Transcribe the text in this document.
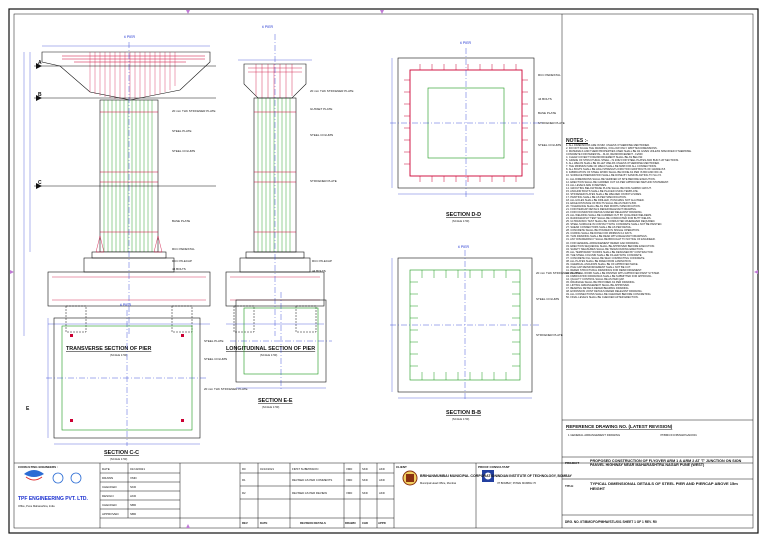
¢ PIER
20 mm THK STIFFENER PLATE
STEEL PLATE
STEEL COLUMN
BASE PLATE
RCC PEDESTAL
RCC PILECAP
44 BOLTS
TRANSVERSE SECTION OF PIER
(SCALE 1:50)
A
B
C
¢ PIER
20 mm THK STIFFENER PLATE
GUSSET PLATE
STEEL COLUMN
STIFFENER PLATE
RCC PILECAP
44 BOLTS
LONGITUDINAL SECTION OF PIER
(SCALE 1:50)
¢ PIER
RCC PEDESTAL
44 BOLTS
BASE PLATE
STIFFENER PLATE
STEEL COLUMN
SECTION D-D
(SCALE 1:50)
¢ PIER
STEEL PLATE
STEEL COLUMN
20 mm THK STIFFENER PLATE
E
SECTION C-C
(SCALE 1:50)
SECTION E-E
(SCALE 1:50)
¢ PIER
20 mm THK STIFFENER PLATE
STEEL COLUMN
STIFFENER PLATE
SECTION B-B
(SCALE 1:50)
CONSULTING ENGINEERS :
TPF ENGINEERING PVT. LTD.
Office, Pune Maharashtra, India
DATE	01/10/2021
DRAWN	VMD
CHECKED	SKD
DESIGN	AKD
CHECKED	SBD
APPROVED	SBD
R0	01/10/2021	FIRST SUBMISSION	VMD	SKD	AKD
R1	REVISED AS PER COMMENTS	VMD	SKD	AKD
R2	REVISED AS PER REVIEW	VMD	SKD	AKD
REV	DATE	REVISION DETAILS	DRAWN CHD	APPD
CLIENT
BRIHANMUMBAI MUNICIPAL CORPORATION
Municipal Head Office, Mumbai
PROOF CONSULTANT
INDIAN INSTITUTE OF TECHNOLOGY, BOMBAY
IIT BOMBAY, POWAI MUMBAI 76
REFERENCE DRAWING NO. (LATEST REVISION)
1 GENERAL ARRANGEMENT DRAWING	IIT/BMC/FO/PMHW/GAD/001
PROJECT
TITLE
DRG. NO. IIT/BMC/FO/PMHW/STL/001 SHEET 1 OF 1 REV. R0
PROPOSED CONSTRUCTION OF FLYOVER ARM 1 & ARM 2 AT 'T' JUNCTION ON SION PANVEL HIGHWAY NEAR MAHARASHTRA NAGAR PUNE (WEST)
TYPICAL DIMENSIONAL DETAILS OF STEEL PIER AND PIERCAP ABOVE 15m HEIGHT
NOTES :-
1. ALL DIMENSIONS ARE IN MM. UNLESS OTHERWISE MENTIONED.
2. DO NOT SCALE THE DRAWING, FOLLOW ONLY WRITTEN DIMENSIONS.
3. MATERIALS AND THEIR PROPERTIES USED SHALL BE AS GIVEN UNLESS SPECIFIED OTHERWISE.
CONCRETE FOR PEDESTAL - M-40, REINFORCEMENT - Fe500
4. CLEAR COVER TO REINFORCEMENT SHALL BE AS BELOW.
5. GRADE OF STRUCTURAL STEEL - IS 2062 FOR STEEL PLATES AND BUILT-UP SECTIONS.
6. ALL WELDS SHALL BE FILLET WELDS UNLESS OTHERWISE MENTIONED.
7. THE MINIMUM SIZE OF WELD SHALL BE 6MM FOR ALL CONNECTIONS.
8. ALL BOLTS SHALL BE HIGH STRENGTH FRICTION GRIP BOLTS OF GRADE 8.8.
9. FABRICATION OF STEEL WORK SHALL BE DONE AS PER IS 800 AND IRC 24.
10. SURFACE PREPARATION SHALL BE DONE BY SAND BLASTING TO SA 2.5.
11. ALL DIMENSIONS SHALL BE VERIFIED AT SITE BEFORE EXECUTION.
12. ERECTION SHALL BE CARRIED OUT AS PER APPROVED METHOD STATEMENT.
13. ALL LEVELS ARE IN METRES.
14. GROUTING BELOW BASE PLATE SHALL BE NON-SHRINK GROUT.
15. ANCHOR BOLTS SHALL BE PLACED USING TEMPLATE.
16. STIFFENER PLATES SHALL BE WELDED ON BOTH SIDES.
17. PAINTING SHALL BE AS PER SPECIFICATION.
18. ALL HOLES SHALL BE DRILLED, PUNCHING NOT ALLOWED.
19. EDGE DISTANCE OF BOLTS SHALL BE AS PER IS 800.
20. TOLERANCE SHALL BE AS PER MORTH SPECIFICATION.
21. FOR PIERCAP DETAILS REFER RELEVANT DRAWING.
22. FOR FOUNDATION DETAILS REFER RELEVANT DRAWING.
23. ALL WELDING SHALL BE CARRIED OUT BY QUALIFIED WELDERS.
24. RADIOGRAPHY TEST SHALL BE CONDUCTED FOR BUTT WELDS.
25. ULTRASONIC TEST SHALL BE CONDUCTED WHEREVER REQUIRED.
26. STEEL SURFACE IN CONTACT WITH CONCRETE SHALL NOT BE PAINTED.
27. SHEAR CONNECTORS SHALL BE AS PER DETAIL.
28. CONCRETE SHALL BE POURED IN SINGLE OPERATION.
29. CURING SHALL BE DONE FOR MINIMUM 14 DAYS.
30. THIS DRAWING SHALL BE READ WITH RELEVANT DRAWINGS.
31. ANY DISCREPANCY SHALL BE BROUGHT TO NOTICE OF ENGINEER.
32. FOR GENERAL ARRANGEMENT REFER GAD DRAWING.
33. ERECTION SEQUENCE SHALL BE APPROVED BEFORE EXECUTION.
34. SAFETY MEASURES SHALL BE TAKEN DURING ERECTION.
35. ALL TEMPORARY WORKS SHALL BE DESIGNED BY CONTRACTOR.
36. THE STEEL COLUMN SHALL BE FILLED WITH CONCRETE.
37. CONCRETE FILL SHALL BE SELF COMPACTING CONCRETE.
38. ALL PLATES SHALL BE FREE FROM LAMINATION.
39. CHEMICAL ANCHORS SHALL BE OF APPROVED MAKE.
40. PILE CAP REINFORCEMENT SHALL NOT BE CUT.
41. REFER STRUCTURAL DRAWINGS FOR REINFORCEMENT.
42. ALL STEEL WORK SHALL BE PAINTED WITH APPROVED PAINT SYSTEM.
43. FABRICATION DRAWINGS SHALL BE SUBMITTED FOR APPROVAL.
44. QUALITY CONTROL SHALL BE AS PER QAP.
45. DRAINAGE SHALL BE PROVIDED AS PER DRAWING.
46. LIFTING ARRANGEMENT SHALL BE APPROVED.
47. BEARING DETAILS REFER BEARING DRAWING.
48. EXPANSION JOINT DETAILS REFER RELEVANT DRAWING.
49. ALL CONNECTIONS SHALL BE CHECKED BEFORE CONCRETING.
50. FINAL LEVELS SHALL BE CHECKED AFTER ERECTION.
